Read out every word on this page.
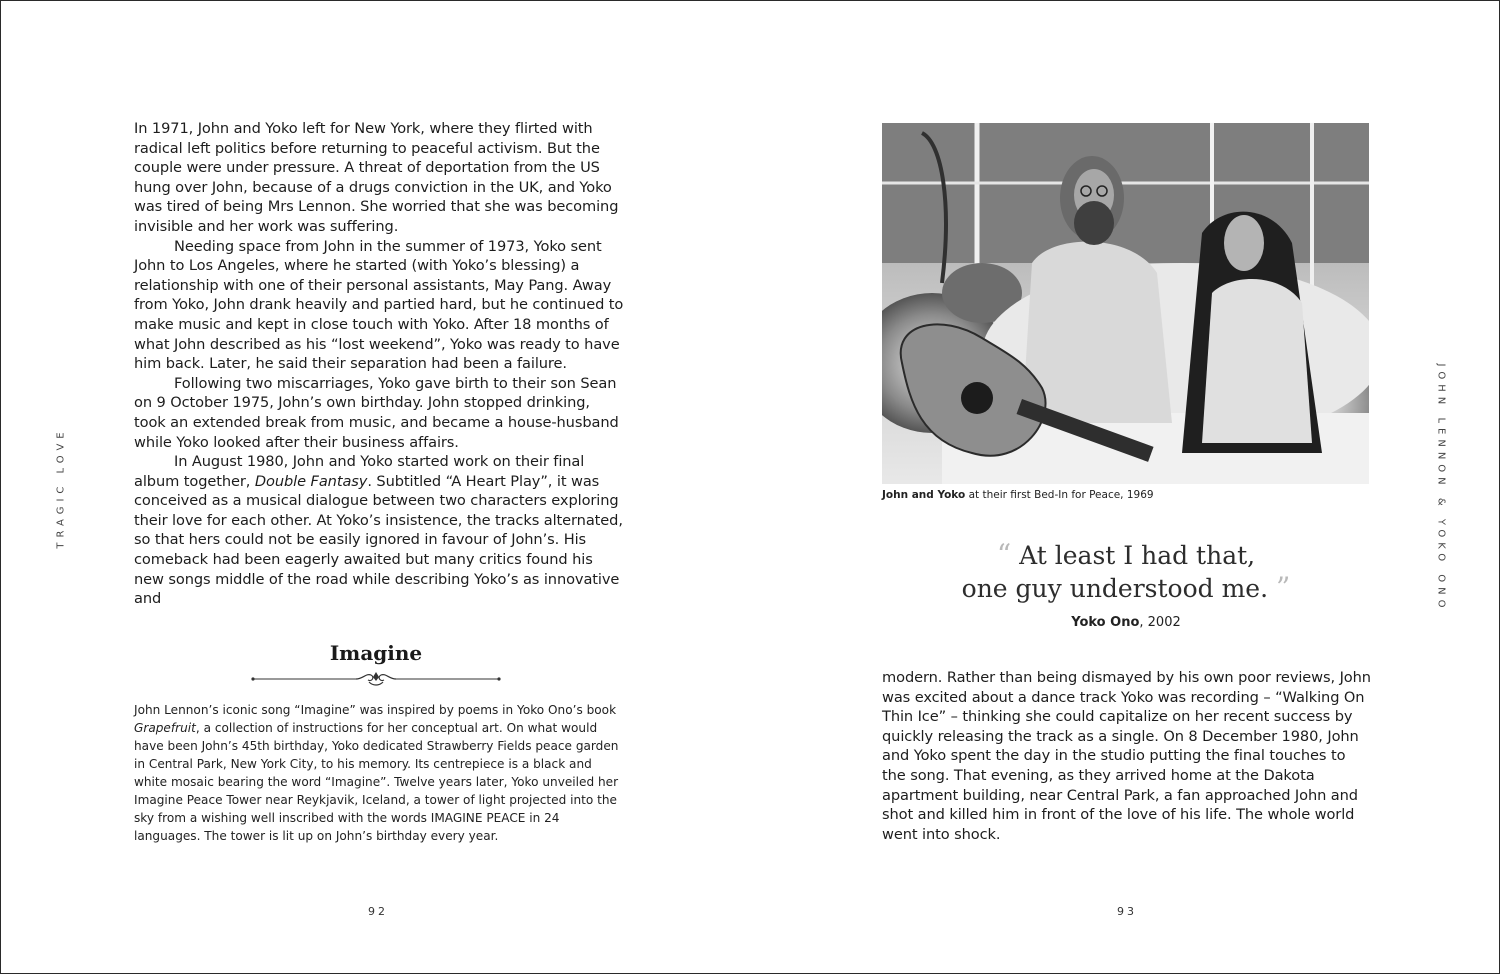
TRAGIC LOVE

In 1971, John and Yoko left for New York, where they flirted with radical left politics before returning to peaceful activism. But the couple were under pressure. A threat of deportation from the US hung over John, because of a drugs conviction in the UK, and Yoko was tired of being Mrs Lennon. She worried that she was becoming invisible and her work was suffering.

Needing space from John in the summer of 1973, Yoko sent John to Los Angeles, where he started (with Yoko’s blessing) a relationship with one of their personal assistants, May Pang. Away from Yoko, John drank heavily and partied hard, but he continued to make music and kept in close touch with Yoko. After 18 months of what John described as his “lost weekend”, Yoko was ready to have him back. Later, he said their separation had been a failure.

Following two miscarriages, Yoko gave birth to their son Sean on 9 October 1975, John’s own birthday. John stopped drinking, took an extended break from music, and became a house-husband while Yoko looked after their business affairs.

In August 1980, John and Yoko started work on their final album together, Double Fantasy. Subtitled “A Heart Play”, it was conceived as a musical dialogue between two characters exploring their love for each other. At Yoko’s insistence, the tracks alternated, so that hers could not be easily ignored in favour of John’s. His comeback had been eagerly awaited but many critics found his new songs middle of the road while describing Yoko’s as innovative and

Imagine

John Lennon’s iconic song “Imagine” was inspired by poems in Yoko Ono’s book Grapefruit, a collection of instructions for her conceptual art. On what would have been John’s 45th birthday, Yoko dedicated Strawberry Fields peace garden in Central Park, New York City, to his memory. Its centrepiece is a black and white mosaic bearing the word “Imagine”. Twelve years later, Yoko unveiled her Imagine Peace Tower near Reykjavik, Iceland, a tower of light projected into the sky from a wishing well inscribed with the words IMAGINE PEACE in 24 languages. The tower is lit up on John’s birthday every year.

92
John and Yoko at their first Bed-In for Peace, 1969
“ At least I had that,
one guy understood me. ”
Yoko Ono, 2002

modern. Rather than being dismayed by his own poor reviews, John was excited about a dance track Yoko was recording – “Walking On Thin Ice” – thinking she could capitalize on her recent success by quickly releasing the track as a single. On 8 December 1980, John and Yoko spent the day in the studio putting the final touches to the song. That evening, as they arrived home at the Dakota apartment building, near Central Park, a fan approached John and shot and killed him in front of the love of his life. The whole world went into shock.

JOHN LENNON & YOKO ONO
93
